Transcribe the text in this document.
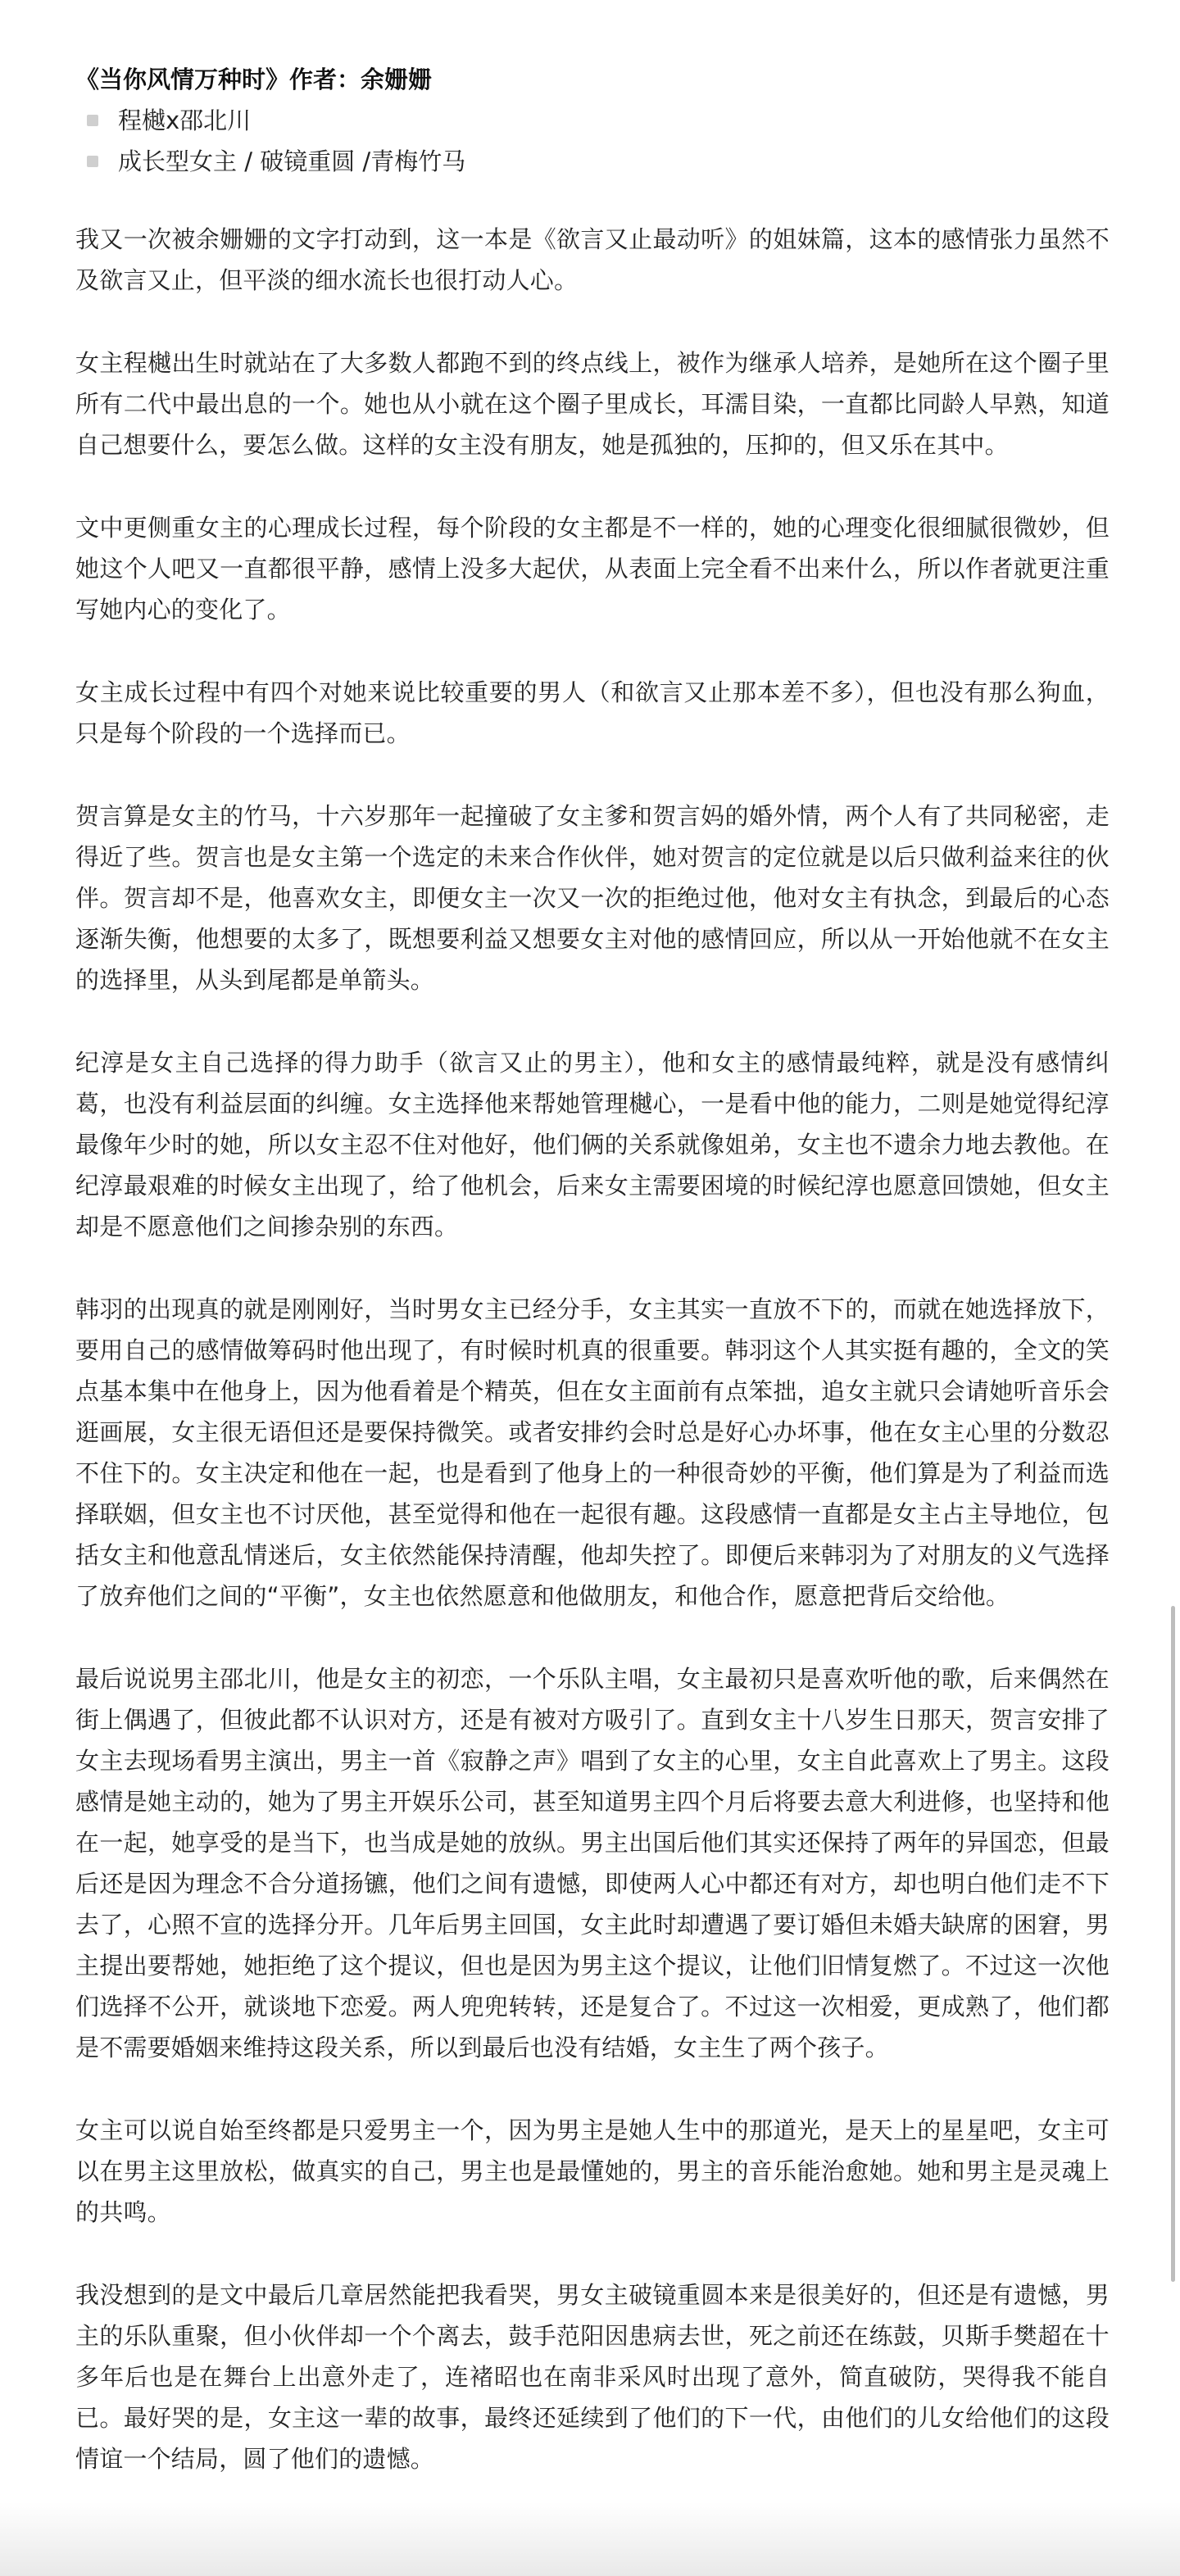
《当你风情万种时》作者：余姗姗
程樾x邵北川
成长型女主 / 破镜重圆 /青梅竹马

我又一次被余姗姗的文字打动到，这一本是《欲言又止最动听》的姐妹篇，这本的感情张力虽然不及欲言又止，但平淡的细水流长也很打动人心。

女主程樾出生时就站在了大多数人都跑不到的终点线上，被作为继承人培养，是她所在这个圈子里所有二代中最出息的一个。她也从小就在这个圈子里成长，耳濡目染，一直都比同龄人早熟，知道自己想要什么，要怎么做。这样的女主没有朋友，她是孤独的，压抑的，但又乐在其中。

文中更侧重女主的心理成长过程，每个阶段的女主都是不一样的，她的心理变化很细腻很微妙，但她这个人吧又一直都很平静，感情上没多大起伏，从表面上完全看不出来什么，所以作者就更注重写她内心的变化了。

女主成长过程中有四个对她来说比较重要的男人（和欲言又止那本差不多），但也没有那么狗血，只是每个阶段的一个选择而已。

贺言算是女主的竹马，十六岁那年一起撞破了女主爹和贺言妈的婚外情，两个人有了共同秘密，走得近了些。贺言也是女主第一个选定的未来合作伙伴，她对贺言的定位就是以后只做利益来往的伙伴。贺言却不是，他喜欢女主，即便女主一次又一次的拒绝过他，他对女主有执念，到最后的心态逐渐失衡，他想要的太多了，既想要利益又想要女主对他的感情回应，所以从一开始他就不在女主的选择里，从头到尾都是单箭头。

纪淳是女主自己选择的得力助手（欲言又止的男主），他和女主的感情最纯粹，就是没有感情纠葛，也没有利益层面的纠缠。女主选择他来帮她管理樾心，一是看中他的能力，二则是她觉得纪淳最像年少时的她，所以女主忍不住对他好，他们俩的关系就像姐弟，女主也不遗余力地去教他。在纪淳最艰难的时候女主出现了，给了他机会，后来女主需要困境的时候纪淳也愿意回馈她，但女主却是不愿意他们之间掺杂别的东西。

韩羽的出现真的就是刚刚好，当时男女主已经分手，女主其实一直放不下的，而就在她选择放下，要用自己的感情做筹码时他出现了，有时候时机真的很重要。韩羽这个人其实挺有趣的，全文的笑点基本集中在他身上，因为他看着是个精英，但在女主面前有点笨拙，追女主就只会请她听音乐会逛画展，女主很无语但还是要保持微笑。或者安排约会时总是好心办坏事，他在女主心里的分数忍不住下的。女主决定和他在一起，也是看到了他身上的一种很奇妙的平衡，他们算是为了利益而选择联姻，但女主也不讨厌他，甚至觉得和他在一起很有趣。这段感情一直都是女主占主导地位，包括女主和他意乱情迷后，女主依然能保持清醒，他却失控了。即便后来韩羽为了对朋友的义气选择了放弃他们之间的“平衡”，女主也依然愿意和他做朋友，和他合作，愿意把背后交给他。

最后说说男主邵北川，他是女主的初恋，一个乐队主唱，女主最初只是喜欢听他的歌，后来偶然在街上偶遇了，但彼此都不认识对方，还是有被对方吸引了。直到女主十八岁生日那天，贺言安排了女主去现场看男主演出，男主一首《寂静之声》唱到了女主的心里，女主自此喜欢上了男主。这段感情是她主动的，她为了男主开娱乐公司，甚至知道男主四个月后将要去意大利进修，也坚持和他在一起，她享受的是当下，也当成是她的放纵。男主出国后他们其实还保持了两年的异国恋，但最后还是因为理念不合分道扬镳，他们之间有遗憾，即使两人心中都还有对方，却也明白他们走不下去了，心照不宣的选择分开。几年后男主回国，女主此时却遭遇了要订婚但未婚夫缺席的困窘，男主提出要帮她，她拒绝了这个提议，但也是因为男主这个提议，让他们旧情复燃了。不过这一次他们选择不公开，就谈地下恋爱。两人兜兜转转，还是复合了。不过这一次相爱，更成熟了，他们都是不需要婚姻来维持这段关系，所以到最后也没有结婚，女主生了两个孩子。

女主可以说自始至终都是只爱男主一个，因为男主是她人生中的那道光，是天上的星星吧，女主可以在男主这里放松，做真实的自己，男主也是最懂她的，男主的音乐能治愈她。她和男主是灵魂上的共鸣。

我没想到的是文中最后几章居然能把我看哭，男女主破镜重圆本来是很美好的，但还是有遗憾，男主的乐队重聚，但小伙伴却一个个离去，鼓手范阳因患病去世，死之前还在练鼓，贝斯手樊超在十多年后也是在舞台上出意外走了，连褚昭也在南非采风时出现了意外，简直破防，哭得我不能自已。最好哭的是，女主这一辈的故事，最终还延续到了他们的下一代，由他们的儿女给他们的这段情谊一个结局，圆了他们的遗憾。
